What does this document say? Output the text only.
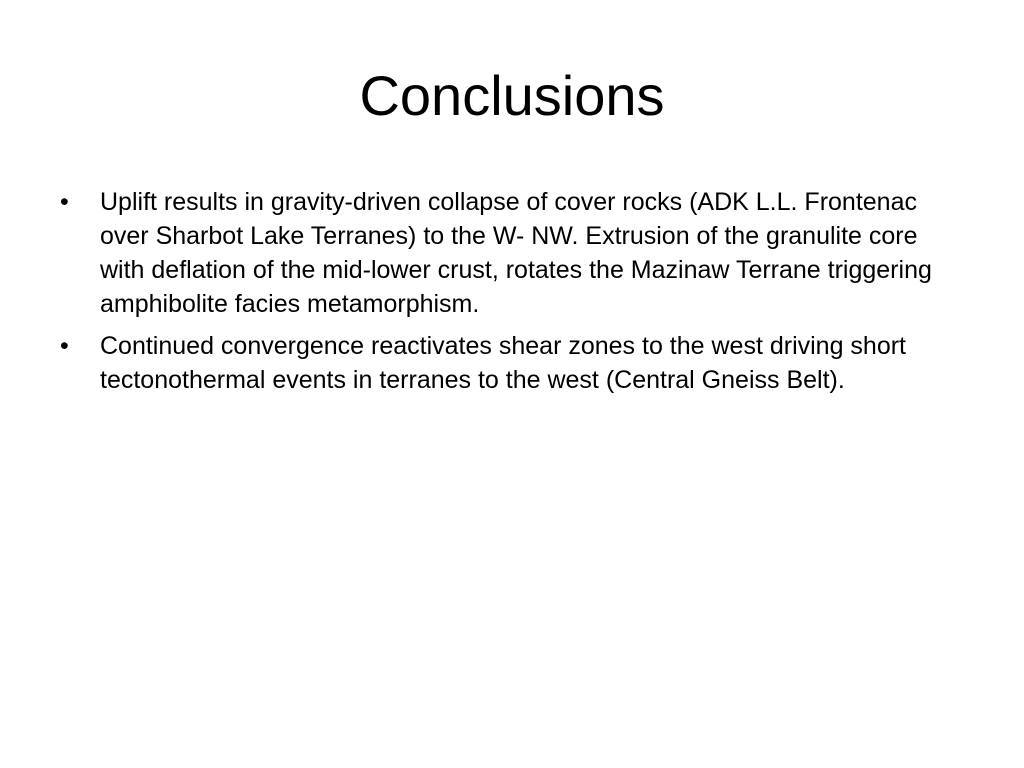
Conclusions
•	Uplift results in gravity-driven collapse of cover rocks (ADK L.L. Frontenac over Sharbot Lake Terranes) to the W- NW. Extrusion of the granulite core with deflation of the mid-lower crust, rotates the Mazinaw Terrane triggering amphibolite facies metamorphism.
•	Continued convergence reactivates shear zones to the west driving short tectonothermal events in terranes to the west (Central Gneiss Belt).
